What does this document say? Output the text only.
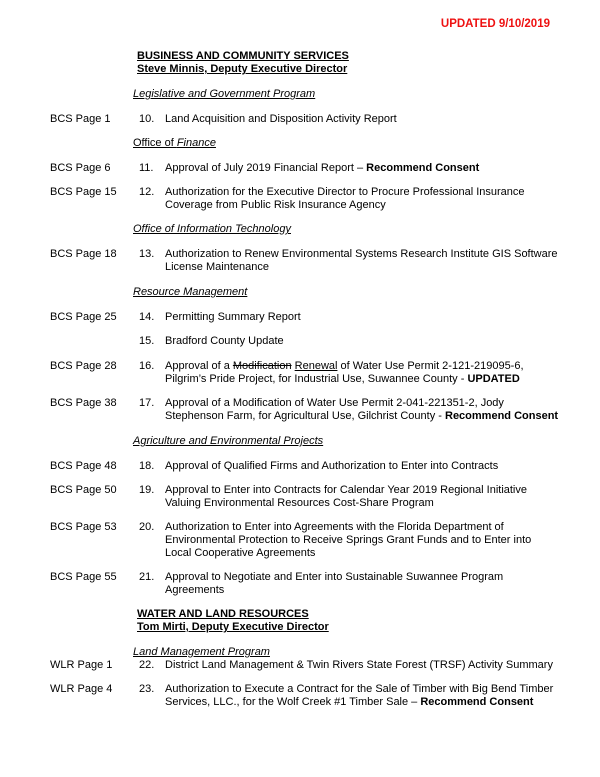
UPDATED 9/10/2019
BUSINESS AND COMMUNITY SERVICES
Steve Minnis, Deputy Executive Director
Legislative and Government Program
BCS Page 1	10. Land Acquisition and Disposition Activity Report
Office of Finance
BCS Page 6	11. Approval of July 2019 Financial Report – Recommend Consent
BCS Page 15 12. Authorization for the Executive Director to Procure Professional Insurance
Coverage from Public Risk Insurance Agency
Office of Information Technology
BCS Page 18 13. Authorization to Renew Environmental Systems Research Institute GIS Software
License Maintenance
Resource Management
BCS Page 25 14. Permitting Summary Report
15. Bradford County Update
BCS Page 28 16. Approval of a Modification Renewal of Water Use Permit 2-121-219095-6,
Pilgrim’s Pride Project, for Industrial Use, Suwannee County - UPDATED
BCS Page 38 17. Approval of a Modification of Water Use Permit 2-041-221351-2, Jody
Stephenson Farm, for Agricultural Use, Gilchrist County - Recommend Consent
Agriculture and Environmental Projects
BCS Page 48 18. Approval of Qualified Firms and Authorization to Enter into Contracts
BCS Page 50 19. Approval to Enter into Contracts for Calendar Year 2019 Regional Initiative
Valuing Environmental Resources Cost-Share Program
BCS Page 53 20. Authorization to Enter into Agreements with the Florida Department of
Environmental Protection to Receive Springs Grant Funds and to Enter into
Local Cooperative Agreements
BCS Page 55 21. Approval to Negotiate and Enter into Sustainable Suwannee Program
Agreements
WATER AND LAND RESOURCES
Tom Mirti, Deputy Executive Director
Land Management Program
WLR Page 1 22. District Land Management & Twin Rivers State Forest (TRSF) Activity Summary
WLR Page 4 23. Authorization to Execute a Contract for the Sale of Timber with Big Bend Timber
Services, LLC., for the Wolf Creek #1 Timber Sale – Recommend Consent
